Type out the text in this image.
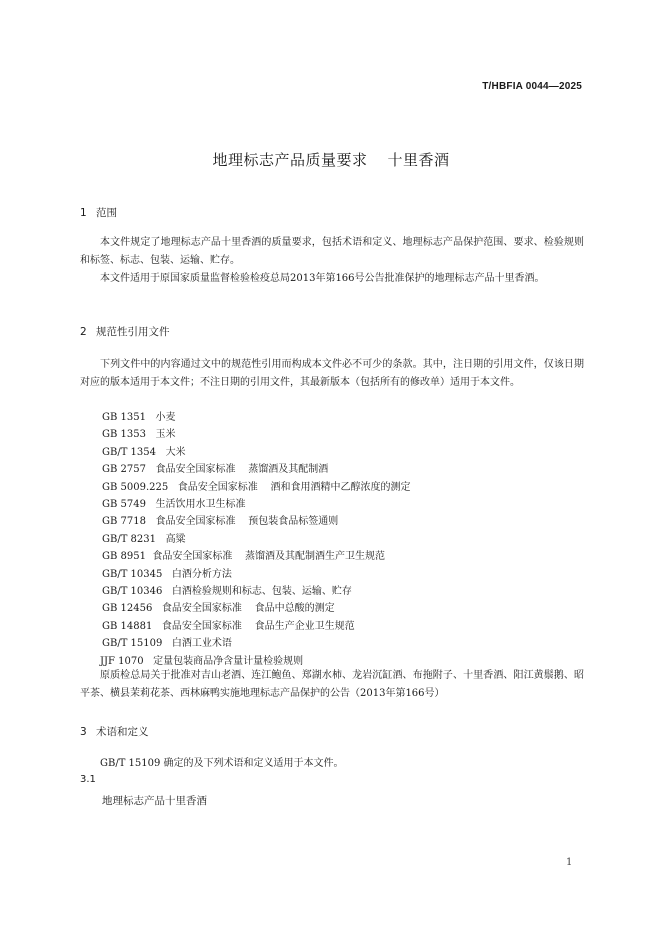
T/HBFIA 0044—2025
地理标志产品质量要求 十里香酒
1 范围

本文件规定了地理标志产品十里香酒的质量要求，包括术语和定义、地理标志产品保护范围、要求、检验规则和标签、标志、包装、运输、贮存。

本文件适用于原国家质量监督检验检疫总局2013年第166号公告批准保护的地理标志产品十里香酒。

2 规范性引用文件

下列文件中的内容通过文中的规范性引用而构成本文件必不可少的条款。其中，注日期的引用文件，仅该日期对应的版本适用于本文件；不注日期的引用文件，其最新版本（包括所有的修改单）适用于本文件。

GB 1351 小麦
GB 1353 玉米
GB/T 1354 大米
GB 2757 食品安全国家标准    蒸馏酒及其配制酒
GB 5009.225 食品安全国家标准    酒和食用酒精中乙醇浓度的测定
GB 5749 生活饮用水卫生标准
GB 7718 食品安全国家标准    预包装食品标签通则
GB/T 8231 高粱
GB 8951 食品安全国家标准    蒸馏酒及其配制酒生产卫生规范
GB/T 10345 白酒分析方法
GB/T 10346 白酒检验规则和标志、包装、运输、贮存
GB 12456 食品安全国家标准    食品中总酸的测定
GB 14881 食品安全国家标准    食品生产企业卫生规范
GB/T 15109 白酒工业术语
JJF 1070 定量包装商品净含量计量检验规则

原质检总局关于批准对吉山老酒、连江鲍鱼、郑湖水柿、龙岩沉缸酒、布拖附子、十里香酒、阳江黄鬃鹅、昭平茶、横县茉莉花茶、西林麻鸭实施地理标志产品保护的公告（2013年第166号）

3 术语和定义

GB/T 15109 确定的及下列术语和定义适用于本文件。

3.1
地理标志产品十里香酒
1
